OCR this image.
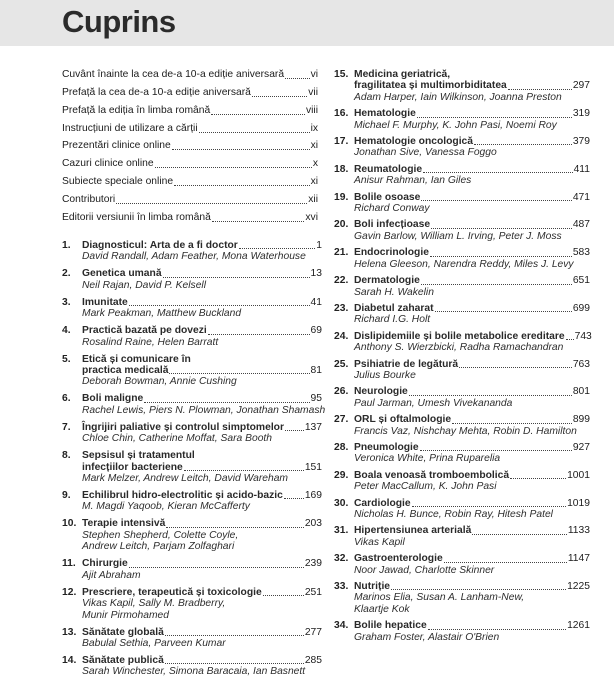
Cuprins
Cuvânt înainte la cea de-a 10-a ediție aniversară	vi
Prefață la cea de-a 10-a ediție aniversară	vii
Prefață la ediția în limba română	viii
Instrucțiuni de utilizare a cărții	ix
Prezentări clinice online	xi
Cazuri clinice online	x
Subiecte speciale online	xi
Contributori	xii
Editorii versiunii în limba română	xvi
1.	Diagnosticul: Arta de a fi doctor	1
David Randall, Adam Feather, Mona Waterhouse
2.	Genetica umană	13
Neil Rajan, David P. Kelsell
3.	Imunitate	41
Mark Peakman, Matthew Buckland
4.	Practică bazată pe dovezi	69
Rosalind Raine, Helen Barratt
5.	Etică și comunicare în
practica medicală	81
Deborah Bowman, Annie Cushing
6.	Boli maligne	95
Rachel Lewis, Piers N. Plowman, Jonathan Shamash
7.	Îngrijiri paliative și controlul simptomelor 137
Chloe Chin, Catherine Moffat, Sara Booth
8.	Sepsisul și tratamentul
infecțiilor bacteriene	151
Mark Melzer, Andrew Leitch, David Wareham
9.	Echilibrul hidro-electrolitic și acido-bazic 169
M. Magdi Yaqoob, Kieran McCafferty
10. Terapie intensivă	203
Stephen Shepherd, Colette Coyle,
Andrew Leitch, Parjam Zolfaghari
11. Chirurgie	239
Ajit Abraham
12. Prescriere, terapeutică și toxicologie	251
Vikas Kapil, Sally M. Bradberry,
Munir Pirmohamed
13. Sănătate globală	277
Babulal Sethia, Parveen Kumar
14. Sănătate publică	285
Sarah Winchester, Simona Baracaia, Ian Basnett
15. Medicina geriatrică,
fragilitatea și multimorbiditatea	297
Adam Harper, Iain Wilkinson, Joanna Preston
16. Hematologie	319
Michael F. Murphy, K. John Pasi, Noemi Roy
17. Hematologie oncologică	379
Jonathan Sive, Vanessa Foggo
18. Reumatologie	411
Anisur Rahman, Ian Giles
19. Bolile osoase	471
Richard Conway
20. Boli infecțioase	487
Gavin Barlow, William L. Irving, Peter J. Moss
21. Endocrinologie	583
Helena Gleeson, Narendra Reddy, Miles J. Levy
22. Dermatologie	651
Sarah H. Wakelin
23. Diabetul zaharat	699
Richard I.G. Holt
24. Dislipidemiile și bolile metabolice ereditare 743
Anthony S. Wierzbicki, Radha Ramachandran
25. Psihiatrie de legătură	763
Julius Bourke
26. Neurologie	801
Paul Jarman, Umesh Vivekananda
27. ORL și oftalmologie	899
Francis Vaz, Nishchay Mehta, Robin D. Hamilton
28. Pneumologie	927
Veronica White, Prina Ruparelia
29. Boala venoasă tromboembolică	1001
Peter MacCallum, K. John Pasi
30. Cardiologie	1019
Nicholas H. Bunce, Robin Ray, Hitesh Patel
31. Hipertensiunea arterială	1133
Vikas Kapil
32. Gastroenterologie	1147
Noor Jawad, Charlotte Skinner
33. Nutriție	1225
Marinos Elia, Susan A. Lanham-New,
Klaartje Kok
34. Bolile hepatice	1261
Graham Foster, Alastair O'Brien
